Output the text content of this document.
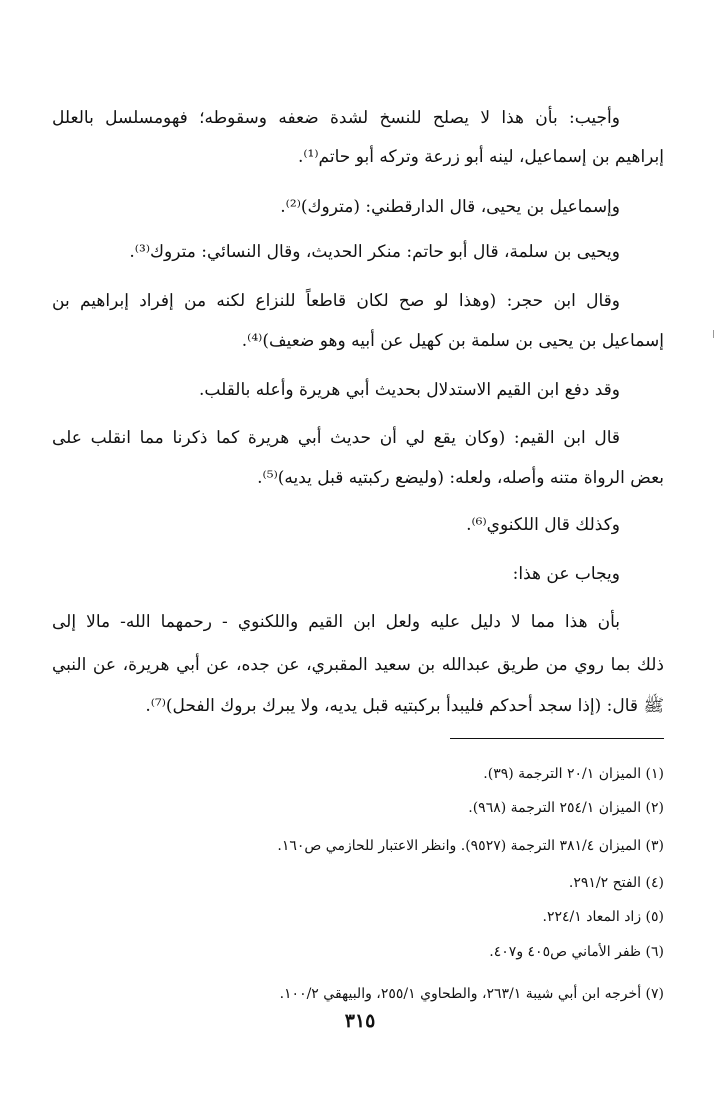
وأجيب: بأن هذا لا يصلح للنسخ لشدة ضعفه وسقوطه؛ فهومسلسل بالعلل
إبراهيم بن إسماعيل، لينه أبو زرعة وتركه أبو حاتم⁽¹⁾.
وإسماعيل بن يحيى، قال الدارقطني: (متروك)⁽²⁾.
ويحيى بن سلمة، قال أبو حاتم: منكر الحديث، وقال النسائي: متروك⁽³⁾.
وقال ابن حجر: (وهذا لو صح لكان قاطعاً للنزاع لكنه من إفراد إبراهيم بن
إسماعيل بن يحيى بن سلمة بن كهيل عن أبيه وهو ضعيف)⁽⁴⁾.
وقد دفع ابن القيم الاستدلال بحديث أبي هريرة وأعله بالقلب.
قال ابن القيم: (وكان يقع لي أن حديث أبي هريرة كما ذكرنا مما انقلب على
بعض الرواة متنه وأصله، ولعله: (وليضع ركبتيه قبل يديه)⁽⁵⁾.
وكذلك قال اللكنوي⁽⁶⁾.
ويجاب عن هذا:
بأن هذا مما لا دليل عليه ولعل ابن القيم واللكنوي - رحمهما الله- مالا إلى
ذلك بما روي من طريق عبدالله بن سعيد المقبري، عن جده، عن أبي هريرة، عن النبي
ﷺ قال: (إذا سجد أحدكم فليبدأ بركبتيه قبل يديه، ولا يبرك بروك الفحل)⁽⁷⁾.
(١) الميزان ٢٠/١ الترجمة (٣٩).
(٢) الميزان ٢٥٤/١ الترجمة (٩٦٨).
(٣) الميزان ٣٨١/٤ الترجمة (٩٥٢٧). وانظر الاعتبار للحازمي ص١٦٠.
(٤) الفتح ٢٩١/٢.
(٥) زاد المعاد ٢٢٤/١.
(٦) ظفر الأماني ص٤٠٥ و٤٠٧.
(٧) أخرجه ابن أبي شيبة ٢٦٣/١، والطحاوي ٢٥٥/١، والبيهقي ١٠٠/٢.
٣١٥
